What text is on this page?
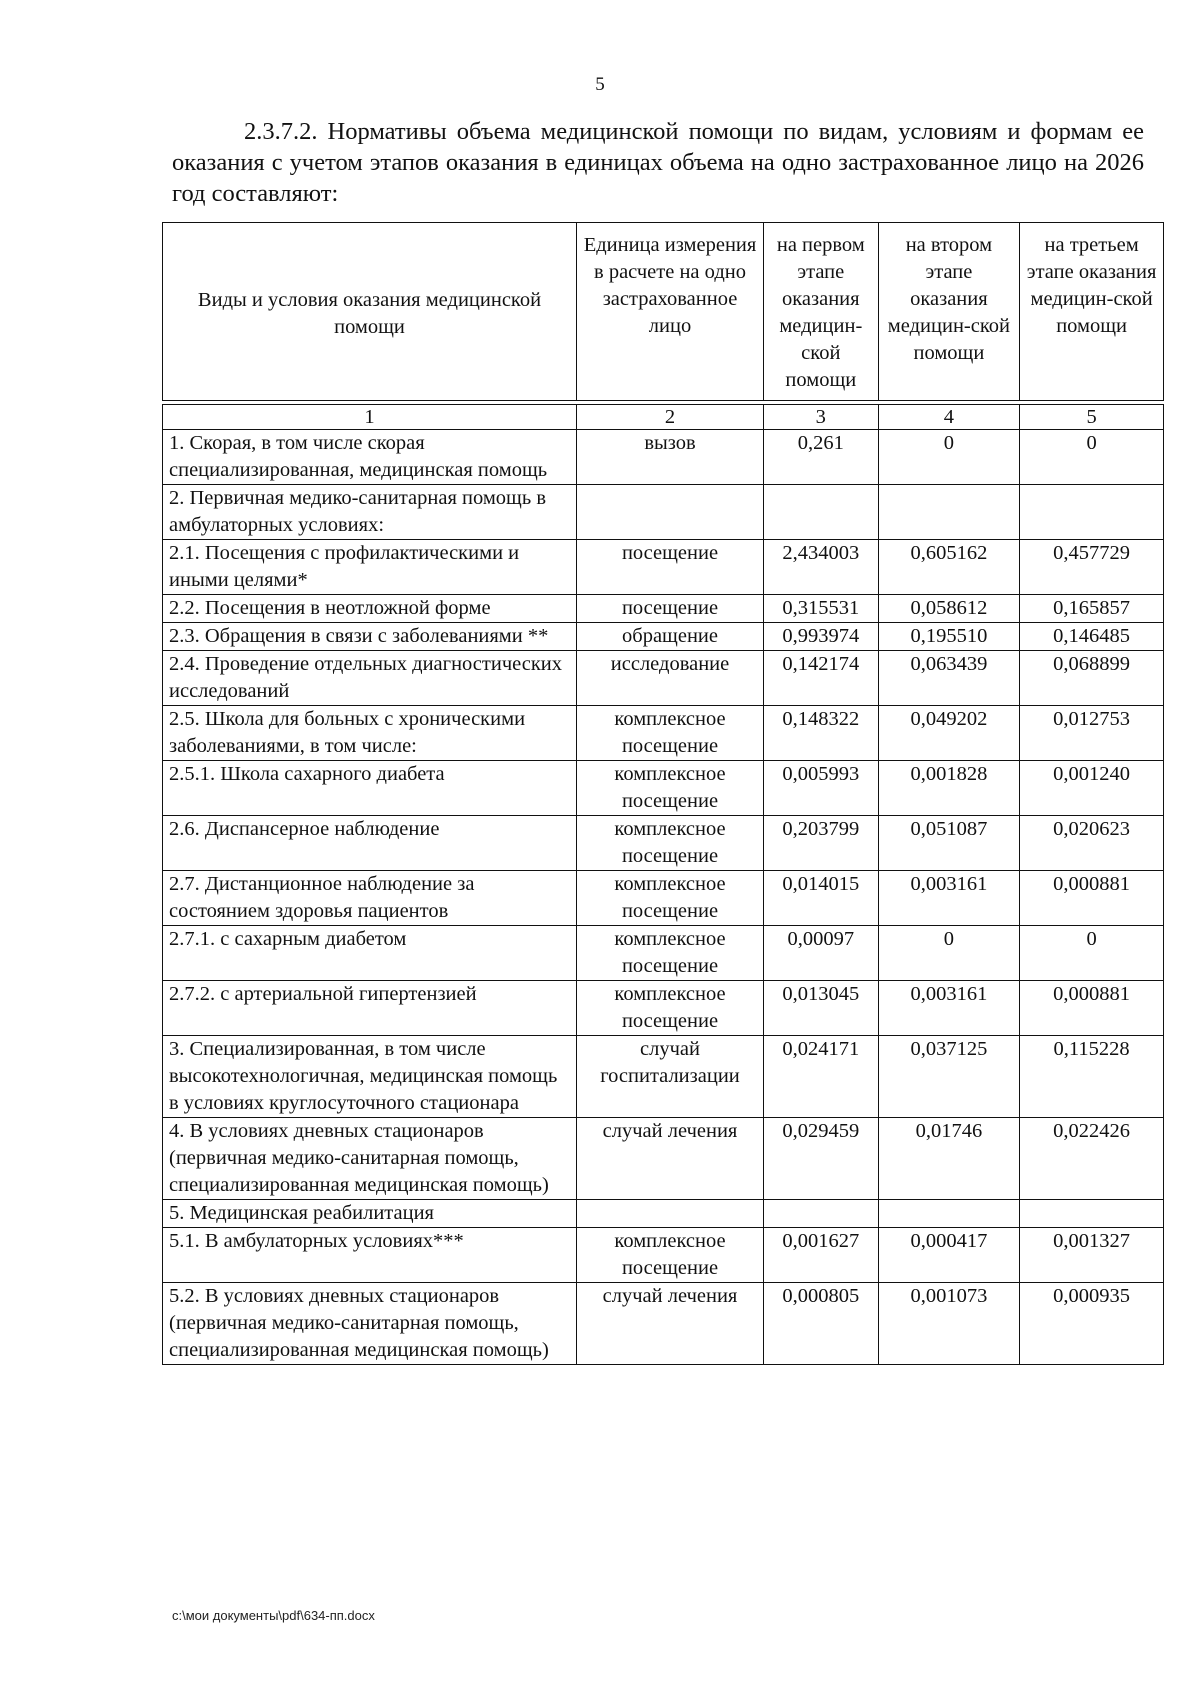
5
2.3.7.2. Нормативы объема медицинской помощи по видам, условиям и формам ее оказания с учетом этапов оказания в единицах объема на одно застрахованное лицо на 2026 год составляют:
Виды и условия оказания медицинской помощи	Единица измерения в расчете на одно застрахованное лицо	на первом этапе оказания медицин-ской помощи	на втором этапе оказания медицин-ской помощи	на третьем этапе оказания медицин-ской помощи

1	2	3	4	5
1. Скорая, в том числе скорая специализированная, медицинская помощь	вызов	0,261	0	0
2. Первичная медико-санитарная помощь в амбулаторных условиях:				
2.1. Посещения с профилактическими и иными целями*	посещение	2,434003	0,605162	0,457729
2.2. Посещения в неотложной форме	посещение	0,315531	0,058612	0,165857
2.3. Обращения в связи с заболеваниями **	обращение	0,993974	0,195510	0,146485
2.4. Проведение отдельных диагностических исследований	исследование	0,142174	0,063439	0,068899
2.5. Школа для больных с хроническими заболеваниями, в том числе:	комплексное посещение	0,148322	0,049202	0,012753
2.5.1. Школа сахарного диабета	комплексное посещение	0,005993	0,001828	0,001240
2.6. Диспансерное наблюдение	комплексное посещение	0,203799	0,051087	0,020623
2.7. Дистанционное наблюдение за состоянием здоровья пациентов	комплексное посещение	0,014015	0,003161	0,000881
2.7.1. с сахарным диабетом	комплексное посещение	0,00097	0	0
2.7.2. с артериальной гипертензией	комплексное посещение	0,013045	0,003161	0,000881
3. Специализированная, в том числе высокотехнологичная, медицинская помощь в условиях круглосуточного стационара	случай госпитализации	0,024171	0,037125	0,115228
4. В условиях дневных стационаров (первичная медико-санитарная помощь, специализированная медицинская помощь)	случай лечения	0,029459	0,01746	0,022426
5. Медицинская реабилитация				
5.1. В амбулаторных условиях***	комплексное посещение	0,001627	0,000417	0,001327
5.2. В условиях дневных стационаров (первичная медико-санитарная помощь, специализированная медицинская помощь)	случай лечения	0,000805	0,001073	0,000935
c:\мои документы\pdf\634-пп.docx
